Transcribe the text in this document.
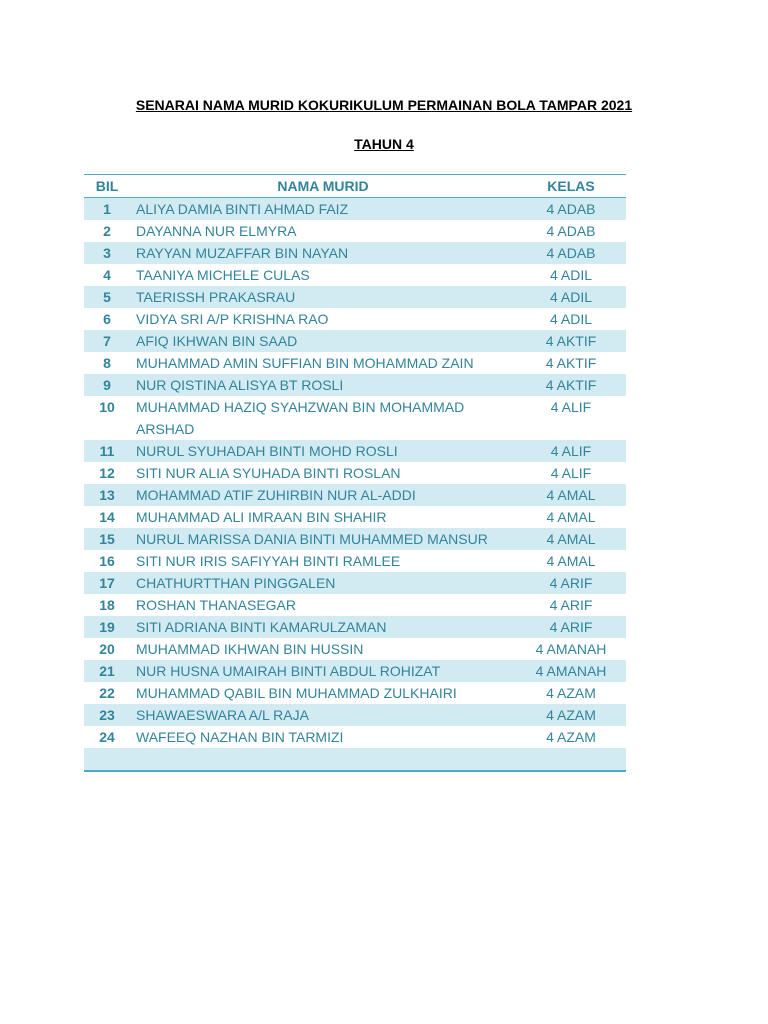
SENARAI NAMA MURID KOKURIKULUM PERMAINAN BOLA TAMPAR 2021
TAHUN 4
BIL	NAMA MURID	KELAS
1	ALIYA DAMIA BINTI AHMAD FAIZ	4 ADAB
2	DAYANNA NUR ELMYRA	4 ADAB
3	RAYYAN MUZAFFAR BIN NAYAN	4 ADAB
4	TAANIYA MICHELE CULAS	4 ADIL
5	TAERISSH PRAKASRAU	4 ADIL
6	VIDYA SRI A/P KRISHNA RAO	4 ADIL
7	AFIQ IKHWAN BIN SAAD	4 AKTIF
8	MUHAMMAD AMIN SUFFIAN BIN MOHAMMAD ZAIN	4 AKTIF
9	NUR QISTINA ALISYA BT ROSLI	4 AKTIF
10	MUHAMMAD HAZIQ SYAHZWAN BIN MOHAMMAD ARSHAD	4 ALIF
11	NURUL SYUHADAH BINTI MOHD ROSLI	4 ALIF
12	SITI NUR ALIA SYUHADA BINTI ROSLAN	4 ALIF
13	MOHAMMAD ATIF ZUHIRBIN NUR AL-ADDI	4 AMAL
14	MUHAMMAD ALI IMRAAN BIN SHAHIR	4 AMAL
15	NURUL MARISSA DANIA BINTI MUHAMMED MANSUR	4 AMAL
16	SITI NUR IRIS SAFIYYAH BINTI RAMLEE	4 AMAL
17	CHATHURTTHAN PINGGALEN	4 ARIF
18	ROSHAN THANASEGAR	4 ARIF
19	SITI ADRIANA BINTI KAMARULZAMAN	4 ARIF
20	MUHAMMAD IKHWAN BIN HUSSIN	4 AMANAH
21	NUR HUSNA UMAIRAH BINTI ABDUL ROHIZAT	4 AMANAH
22	MUHAMMAD QABIL BIN MUHAMMAD ZULKHAIRI	4 AZAM
23	SHAWAESWARA A/L RAJA	4 AZAM
24	WAFEEQ NAZHAN BIN TARMIZI	4 AZAM
